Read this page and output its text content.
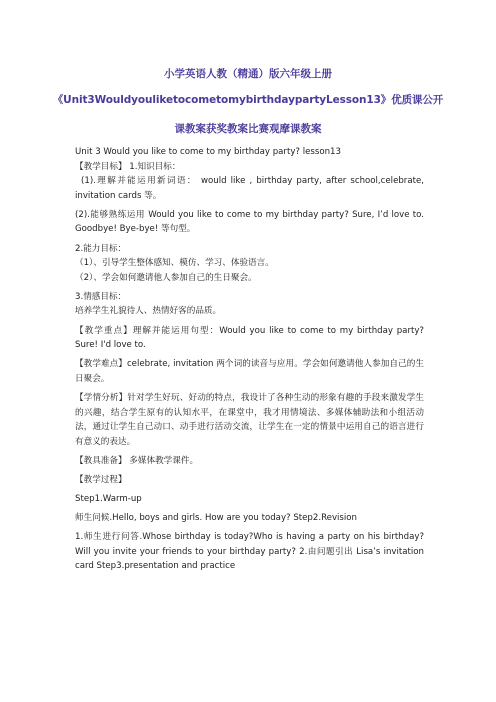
小学英语人教（精通）版六年级上册
《Unit3WouldyouliketocometomybirthdaypartyLesson13》优质课公开
课教案获奖教案比赛观摩课教案

Unit 3 Would you like to come to my birthday party? lesson13

【教学目标】 1.知识目标：

(1).理解并能运用新词语： would like , birthday party, after school,celebrate, invitation cards 等。

(2).能够熟练运用 Would you like to come to my birthday party? Sure, I’d love to. Goodbye! Bye-bye! 等句型。

2.能力目标：

（1）、引导学生整体感知、模仿、学习、体验语言。

（2）、学会如何邀请他人参加自己的生日聚会。

3.情感目标：

培养学生礼貌待人、热情好客的品质。

【教学重点】理解并能运用句型：Would you like to come to my birthday party? Sure! I'd love to.

【教学难点】celebrate, invitation 两个词的读音与应用。学会如何邀请他人参加自己的生日聚会。

【学情分析】针对学生好玩、好动的特点，我设计了各种生动的形象有趣的手段来激发学生的兴趣，结合学生原有的认知水平，在课堂中，我才用情境法、多媒体辅助法和小组活动法，通过让学生自己动口、动手进行活动交流，让学生在一定的情景中运用自己的语言进行有意义的表达。

【教具准备】 多媒体教学课件。

【教学过程】

Step1.Warm-up

师生问候.Hello, boys and girls. How are you today? Step2.Revision

1.师生进行问答.Whose birthday is today?Who is having a party on his birthday?Will you invite your friends to your birthday party? 2.由问题引出 Lisa’s invitation card Step3.presentation and practice
